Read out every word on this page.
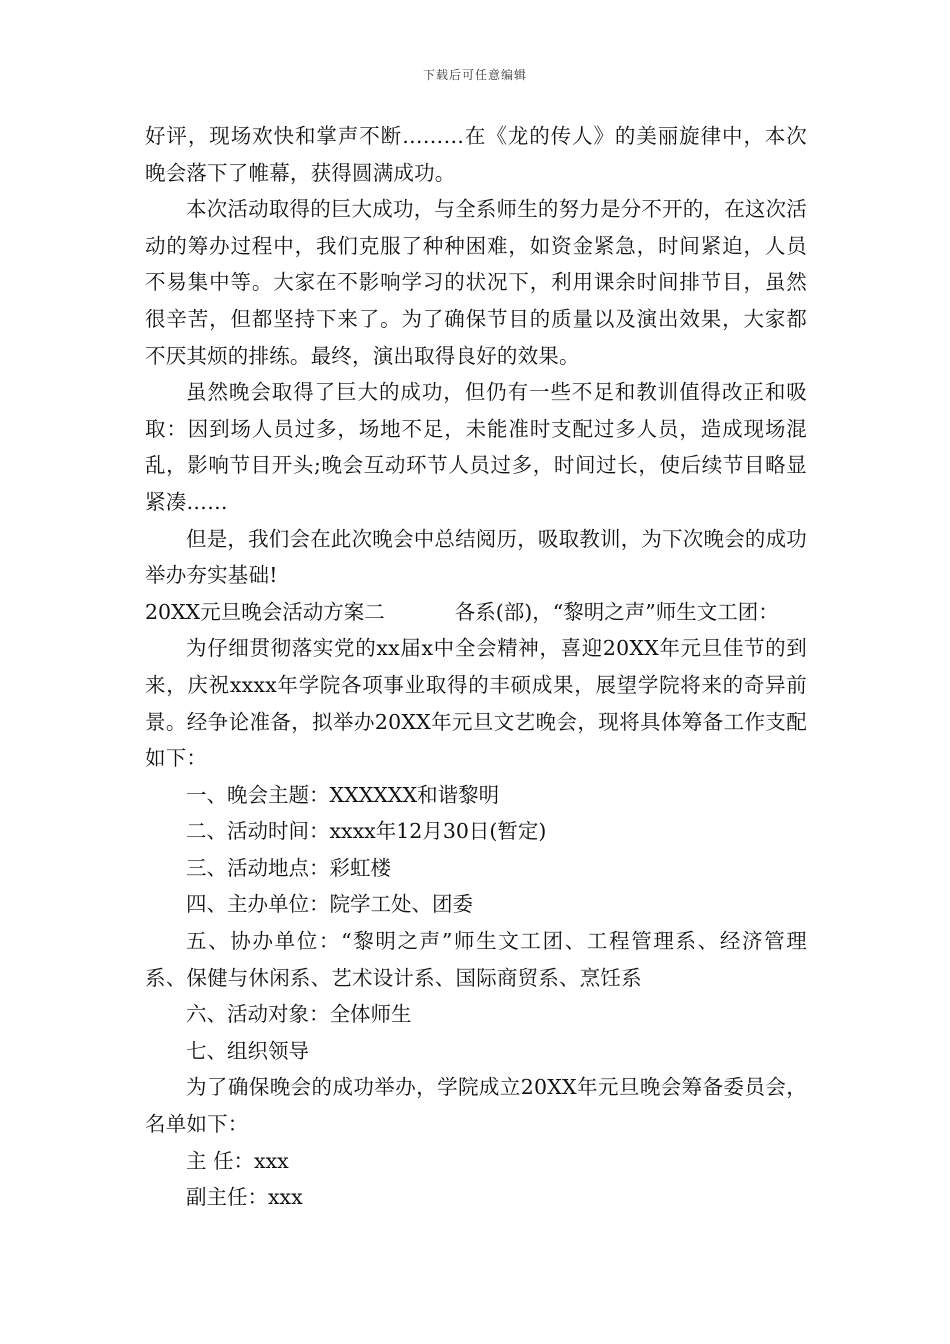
下载后可任意编辑

好评，现场欢快和掌声不断………在《龙的传人》的美丽旋律中，本次晚会落下了帷幕，获得圆满成功。

本次活动取得的巨大成功，与全系师生的努力是分不开的，在这次活动的筹办过程中，我们克服了种种困难，如资金紧急，时间紧迫，人员不易集中等。大家在不影响学习的状况下，利用课余时间排节目，虽然很辛苦，但都坚持下来了。为了确保节目的质量以及演出效果，大家都不厌其烦的排练。最终，演出取得良好的效果。

虽然晚会取得了巨大的成功，但仍有一些不足和教训值得改正和吸取：因到场人员过多，场地不足，未能准时支配过多人员，造成现场混乱，影响节目开头;晚会互动环节人员过多，时间过长，使后续节目略显紧凑……

但是，我们会在此次晚会中总结阅历，吸取教训，为下次晚会的成功举办夯实基础!

20XX元旦晚会活动方案二	各系(部)，“黎明之声”师生文工团：

为仔细贯彻落实党的xx届x中全会精神，喜迎20XX年元旦佳节的到来，庆祝xxxx年学院各项事业取得的丰硕成果，展望学院将来的奇异前景。经争论准备，拟举办20XX年元旦文艺晚会，现将具体筹备工作支配如下：

一、晚会主题：XXXXXX和谐黎明

二、活动时间：xxxx年12月30日(暂定)

三、活动地点：彩虹楼

四、主办单位：院学工处、团委

五、协办单位：“黎明之声”师生文工团、工程管理系、经济管理系、保健与休闲系、艺术设计系、国际商贸系、烹饪系

六、活动对象：全体师生

七、组织领导

为了确保晚会的成功举办，学院成立20XX年元旦晚会筹备委员会，名单如下：

主 任：xxx

副主任：xxx
